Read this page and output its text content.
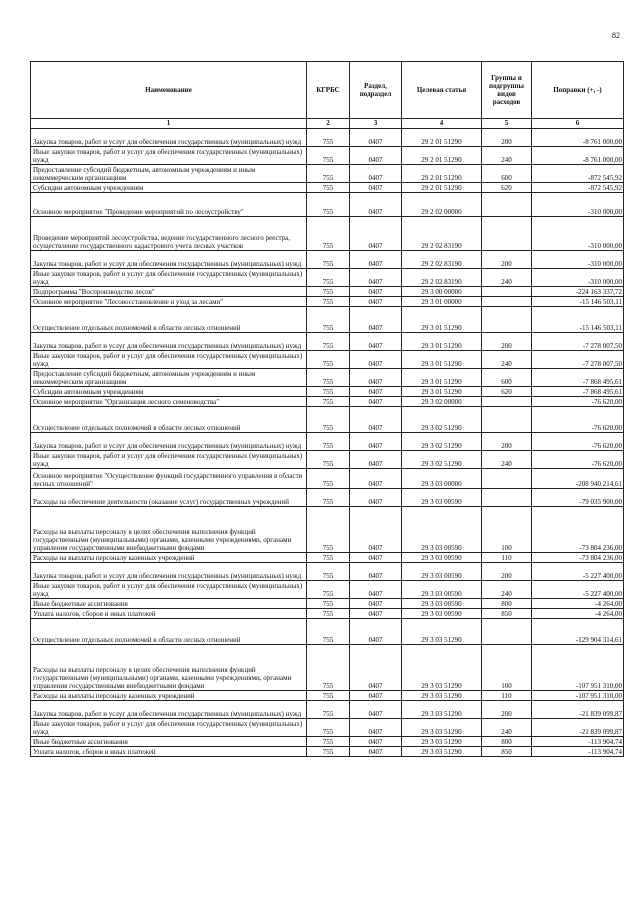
82
Наименование	КГРБС	Раздел, подраздел	Целевая статья	Группы и подгруппы видов расходов	Поправки (+, -)
1	2	3	4	5	6
Закупка товаров, работ и услуг для обеспечения государственных (муниципальных) нужд	755	0407	29 2 01 51290	200	-8 761 000,00
Иные закупки товаров, работ и услуг для обеспечения государственных (муниципальных) нужд	755	0407	29 2 01 51290	240	-8 761 000,00
Предоставление субсидий бюджетным, автономным учреждениям и иным некоммерческим организациям	755	0407	29 2 01 51290	600	-872 545,92
Субсидии автономным учреждениям	755	0407	29 2 01 51290	620	-872 545,92
Основное мероприятие "Проведение мероприятий по лесоустройству"	755	0407	29 2 02 00000		-310 000,00
Проведение мероприятий лесоустройства, ведение государственного лесного реестра, осуществление государственного кадастрового учета лесных участков	755	0407	29 2 02 83190		-310 000,00
Закупка товаров, работ и услуг для обеспечения государственных (муниципальных) нужд	755	0407	29 2 02 83190	200	-310 000,00
Иные закупки товаров, работ и услуг для обеспечения государственных (муниципальных) нужд	755	0407	29 2 02 83190	240	-310 000,00
Подпрограмма "Воспроизводство лесов"	755	0407	29 3 00 00000		-224 163 337,72
Основное мероприятие "Лесовосстановление и уход за лесами"	755	0407	29 3 01 00000		-15 146 503,11
Осуществление отдельных полномочий в области лесных отношений	755	0407	29 3 01 51290		-15 146 503,11
Закупка товаров, работ и услуг для обеспечения государственных (муниципальных) нужд	755	0407	29 3 01 51290	200	-7 278 007,50
Иные закупки товаров, работ и услуг для обеспечения государственных (муниципальных) нужд	755	0407	29 3 01 51290	240	-7 278 007,50
Предоставление субсидий бюджетным, автономным учреждениям и иным некоммерческим организациям	755	0407	29 3 01 51290	600	-7 868 495,61
Субсидии автономным учреждениям	755	0407	29 3 01 51290	620	-7 868 495,61
Основное мероприятие "Организация лесного семеноводства"	755	0407	29 3 02 00000		-76 620,00
Осуществление отдельных полномочий в области лесных отношений	755	0407	29 3 02 51290		-76 620,00
Закупка товаров, работ и услуг для обеспечения государственных (муниципальных) нужд	755	0407	29 3 02 51290	200	-76 620,00
Иные закупки товаров, работ и услуг для обеспечения государственных (муниципальных) нужд	755	0407	29 3 02 51290	240	-76 620,00
Основное мероприятие "Осуществление функций государственного управления в области лесных отношений"	755	0407	29 3 03 00000		-208 940 214,61
Расходы на обеспечение деятельности (оказание услуг) государственных учреждений	755	0407	29 3 03 00590		-79 035 900,00
Расходы на выплаты персоналу в целях обеспечения выполнения функций государственными (муниципальными) органами, казенными учреждениями, органами управления государственными внебюджетными фондами	755	0407	29 3 03 00590	100	-73 804 236,00
Расходы на выплаты персоналу казенных учреждений	755	0407	29 3 03 00590	110	-73 804 236,00
Закупка товаров, работ и услуг для обеспечения государственных (муниципальных) нужд	755	0407	29 3 03 00590	200	-5 227 400,00
Иные закупки товаров, работ и услуг для обеспечения государственных (муниципальных) нужд	755	0407	29 3 03 00590	240	-5 227 400,00
Иные бюджетные ассигнования	755	0407	29 3 03 00590	800	-4 264,00
Уплата налогов, сборов и иных платежей	755	0407	29 3 03 00590	850	-4 264,00
Осуществление отдельных полномочий в области лесных отношений	755	0407	29 3 03 51290		-129 904 314,61
Расходы на выплаты персоналу в целях обеспечения выполнения функций государственными (муниципальными) органами, казенными учреждениями, органами управления государственными внебюджетными фондами	755	0407	29 3 03 51290	100	-107 951 310,00
Расходы на выплаты персоналу казенных учреждений	755	0407	29 3 03 51290	110	-107 951 310,00
Закупка товаров, работ и услуг для обеспечения государственных (муниципальных) нужд	755	0407	29 3 03 51290	200	-21 839 099,87
Иные закупки товаров, работ и услуг для обеспечения государственных (муниципальных) нужд	755	0407	29 3 03 51290	240	-21 839 099,87
Иные бюджетные ассигнования	755	0407	29 3 03 51290	800	-113 904,74
Уплата налогов, сборов и иных платежей	755	0407	29 3 03 51290	850	-113 904,74
